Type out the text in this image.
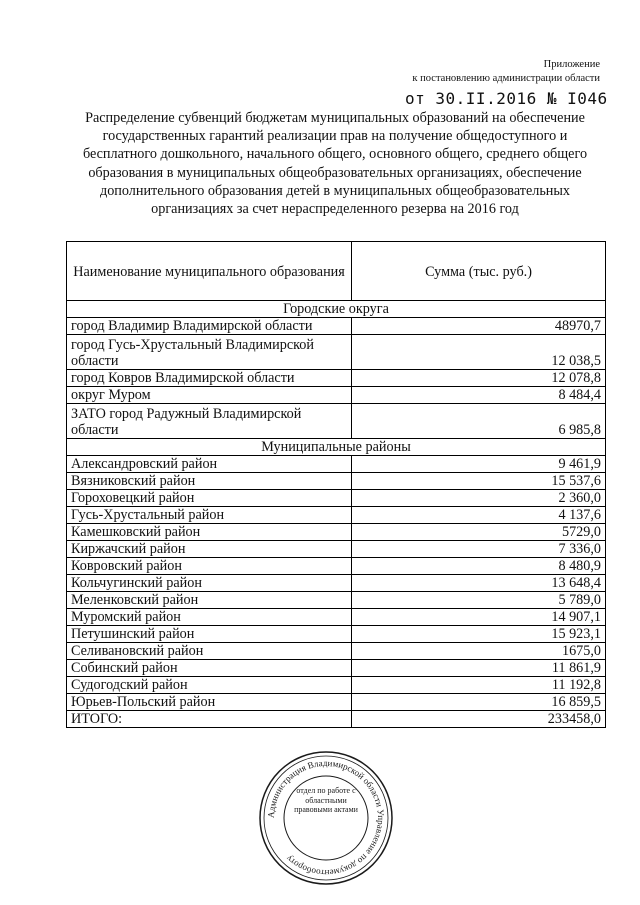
Приложение
к постановлению администрации области
от 30.II.2016 № I046
Распределение субвенций бюджетам муниципальных образований на обеспечение государственных гарантий реализации прав на получение общедоступного и бесплатного дошкольного, начального общего, основного общего, среднего общего образования в муниципальных общеобразовательных организациях, обеспечение дополнительного образования детей в муниципальных общеобразовательных организациях за счет нераспределенного резерва на 2016 год
Наименование муниципального образования	Сумма (тыс. руб.)
Городские округа	
город Владимир Владимирской области	48970,7
город Гусь-Хрустальный Владимирской области	12 038,5
город Ковров Владимирской области	12 078,8
округ Муром	8 484,4
ЗАТО город Радужный Владимирской области	6 985,8
Муниципальные районы	
Александровский район	9 461,9
Вязниковский район	15 537,6
Гороховецкий район	2 360,0
Гусь-Хрустальный район	4 137,6
Камешковский район	5729,0
Киржачский район	7 336,0
Ковровский район	8 480,9
Кольчугинский район	13 648,4
Меленковский район	5 789,0
Муромский район	14 907,1
Петушинский район	15 923,1
Селивановский район	1675,0
Собинский район	11 861,9
Судогодский район	11 192,8
Юрьев-Польский район	16 859,5
ИТОГО:	233458,0
Администрация Владимирской области Управление по документообороту
отдел по работе с областными правовыми актами
